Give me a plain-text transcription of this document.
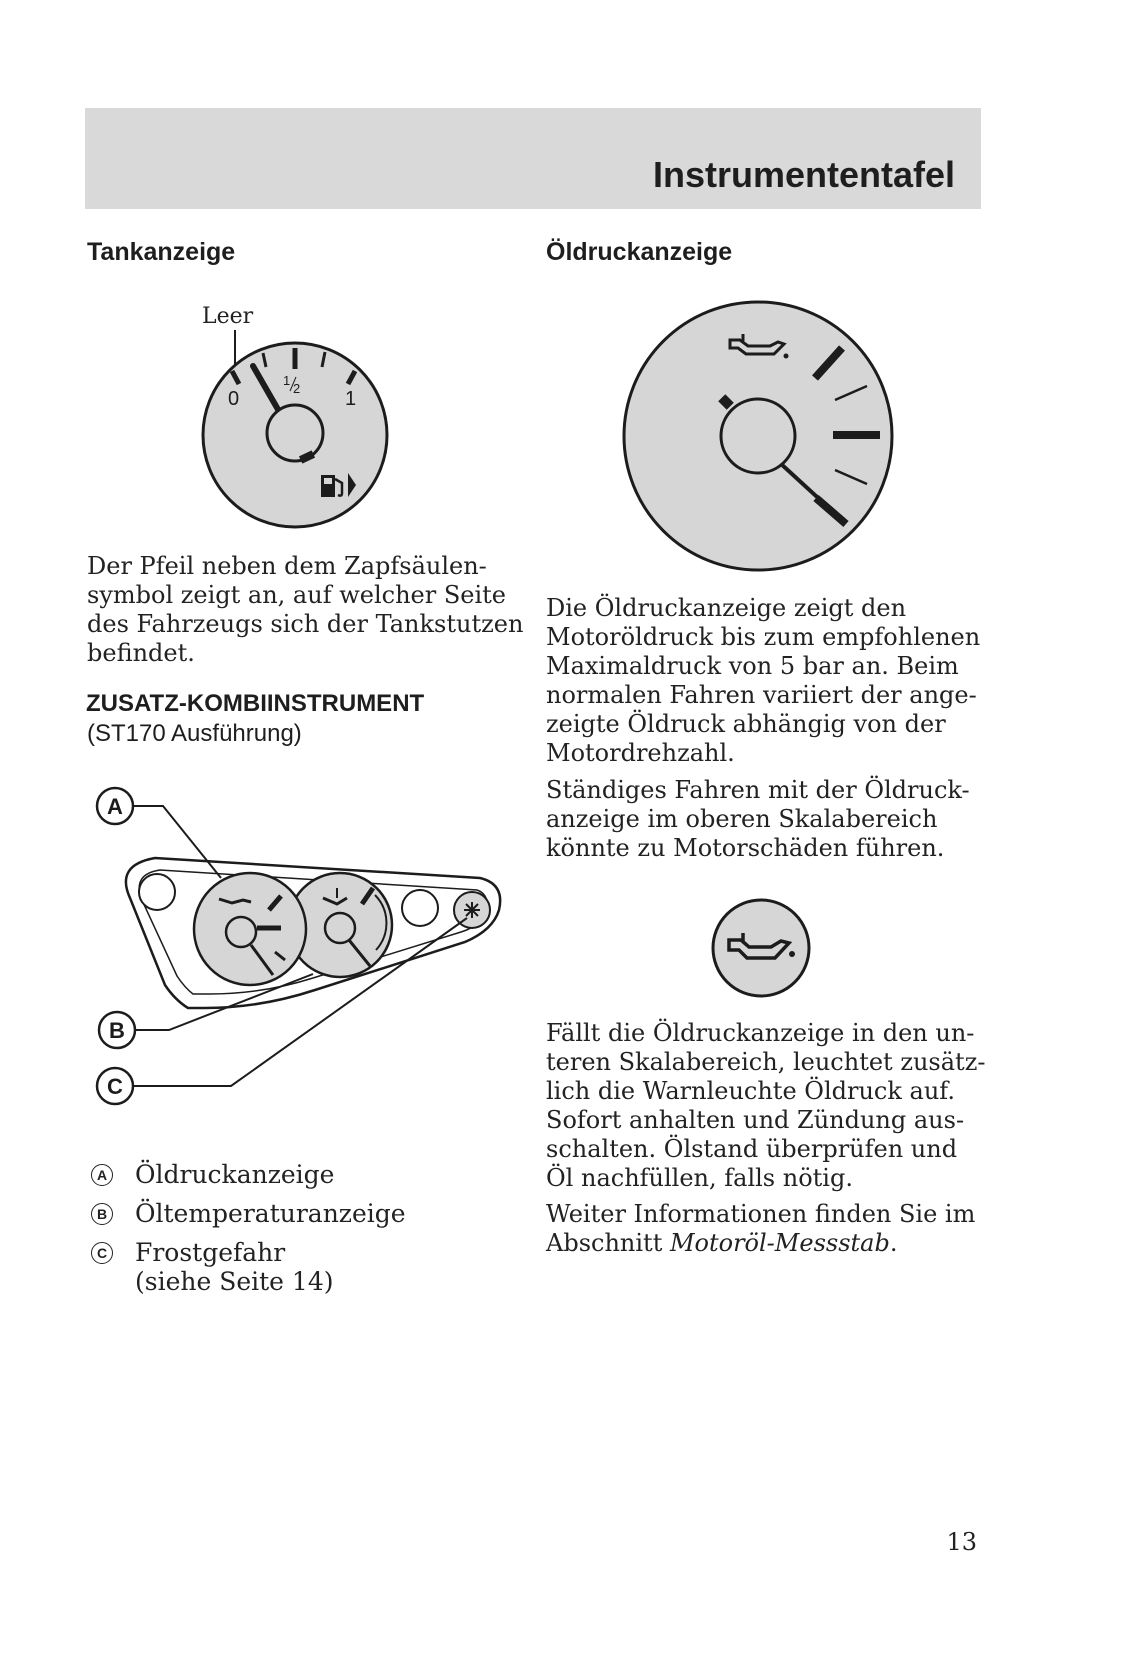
Instrumententafel
Tankanzeige
Leer
0
1
2 1

Der Pfeil neben dem Zapfsäulen-
symbol zeigt an, auf welcher Seite
des Fahrzeugs sich der Tankstutzen
befindet.

ZUSATZ-KOMBIINSTRUMENT
(ST170 Ausführung)
A
B
C
A Öldruckanzeige
B Öltemperaturanzeige
C Frostgefahr
(siehe Seite 14)
Öldruckanzeige

Die Öldruckanzeige zeigt den
Motoröldruck bis zum empfohlenen
Maximaldruck von 5 bar an. Beim
normalen Fahren variiert der ange-
zeigte Öldruck abhängig von der
Motordrehzahl.

Ständiges Fahren mit der Öldruck-
anzeige im oberen Skalabereich
könnte zu Motorschäden führen.

Fällt die Öldruckanzeige in den un-
teren Skalabereich, leuchtet zusätz-
lich die Warnleuchte Öldruck auf.
Sofort anhalten und Zündung aus-
schalten. Ölstand überprüfen und
Öl nachfüllen, falls nötig.

Weiter Informationen finden Sie im
Abschnitt Motoröl-Messstab.

13
